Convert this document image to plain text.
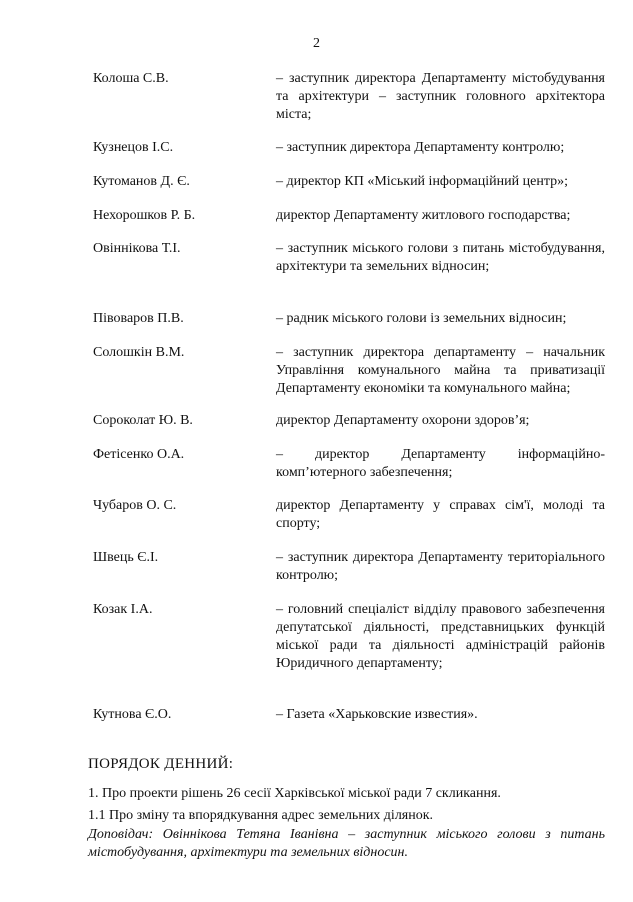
2
Колоша С.В.	– заступник директора Департаменту містобудування та архітектури – заступник головного архітектора міста;
Кузнецов І.С.	– заступник директора Департаменту контролю;
Кутоманов Д. Є.	– директор КП «Міський інформаційний центр»;
Нехорошков Р. Б.	директор Департаменту житлового господарства;
Овіннікова Т.І.	– заступник міського голови з питань містобудування, архітектури та земельних відносин;
Півоваров П.В.	– радник міського голови із земельних відносин;
Солошкін В.М.	– заступник директора департаменту – начальник Управління комунального майна та приватизації Департаменту економіки та комунального майна;
Сороколат Ю. В.	директор Департаменту охорони здоров’я;
Фетісенко О.А.	– директор Департаменту інформаційно-комп’ютерного забезпечення;
Чубаров О. С.	директор Департаменту у справах сім'ї, молоді та спорту;
Швець Є.І.	– заступник директора Департаменту територіального контролю;
Козак І.А.	– головний спеціаліст відділу правового забезпечення депутатської діяльності, представницьких функцій міської ради та діяльності адміністрацій районів Юридичного департаменту;
Кутнова Є.О.	– Газета «Харьковские известия».
ПОРЯДОК ДЕННИЙ:
1. Про проекти рішень 26 сесії Харківської міської ради 7 скликання.
1.1 Про зміну та впорядкування адрес земельних ділянок.
Доповідач: Овіннікова Тетяна Іванівна – заступник міського голови з питань містобудування, архітектури та земельних відносин.
